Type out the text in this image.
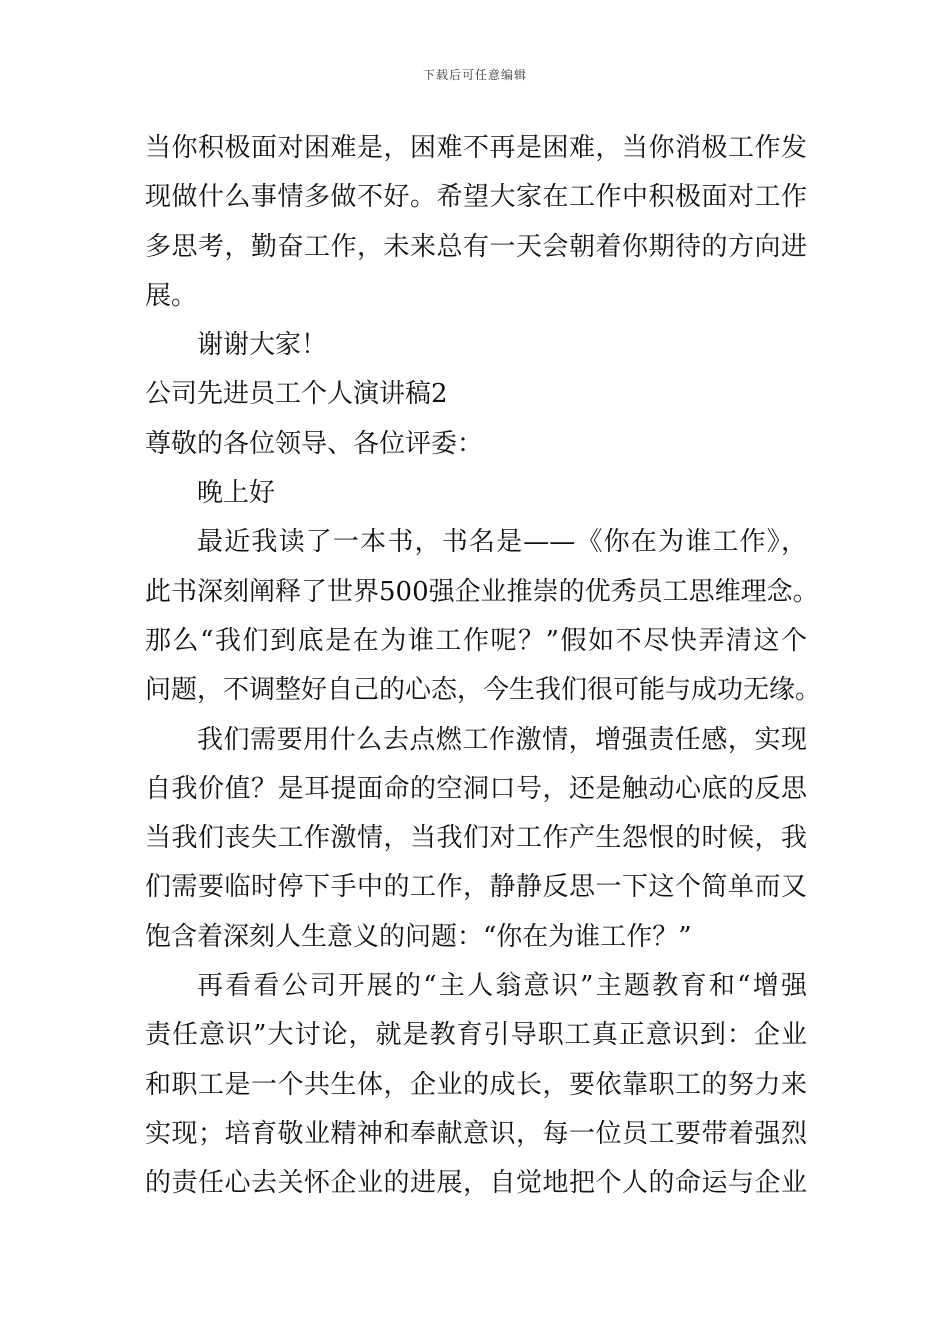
下载后可任意编辑
当你积极面对困难是，困难不再是困难，当你消极工作发
现做什么事情多做不好。希望大家在工作中积极面对工作
多思考，勤奋工作，未来总有一天会朝着你期待的方向进
展。
谢谢大家！
公司先进员工个人演讲稿2
尊敬的各位领导、各位评委：
晚上好
最近我读了一本书，书名是——《你在为谁工作》，
此书深刻阐释了世界500强企业推崇的优秀员工思维理念。
那么“我们到底是在为谁工作呢？”假如不尽快弄清这个
问题，不调整好自己的心态，今生我们很可能与成功无缘。
我们需要用什么去点燃工作激情，增强责任感，实现
自我价值？是耳提面命的空洞口号，还是触动心底的反思
当我们丧失工作激情，当我们对工作产生怨恨的时候，我
们需要临时停下手中的工作，静静反思一下这个简单而又
饱含着深刻人生意义的问题：“你在为谁工作？”
再看看公司开展的“主人翁意识”主题教育和“增强
责任意识”大讨论，就是教育引导职工真正意识到：企业
和职工是一个共生体，企业的成长，要依靠职工的努力来
实现；培育敬业精神和奉献意识，每一位员工要带着强烈
的责任心去关怀企业的进展，自觉地把个人的命运与企业
